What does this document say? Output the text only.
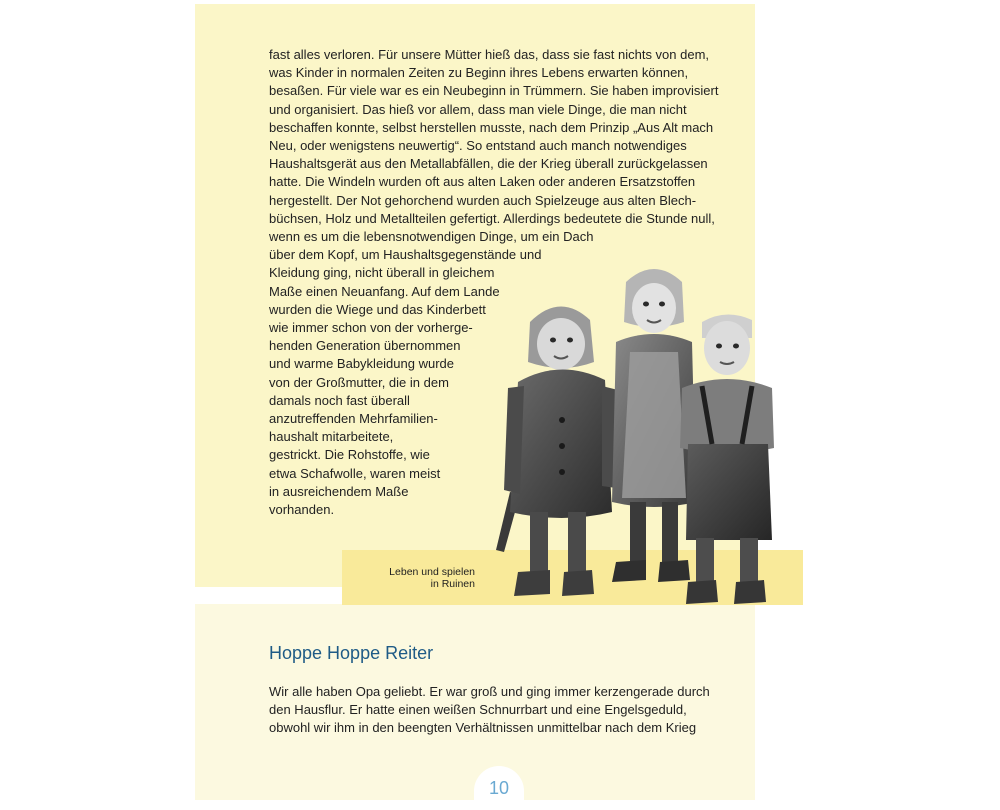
fast alles verloren. Für unsere Mütter hieß das, dass sie fast nichts von dem,
was Kinder in normalen Zeiten zu Beginn ihres Lebens erwarten können,
besaßen. Für viele war es ein Neubeginn in Trümmern. Sie haben improvisiert
und organisiert. Das hieß vor allem, dass man viele Dinge, die man nicht
beschaffen konnte, selbst herstellen musste, nach dem Prinzip „Aus Alt mach
Neu, oder wenigstens neuwertig“. So entstand auch manch notwendiges
Haushaltsgerät aus den Metallabfällen, die der Krieg überall zurückgelassen
hatte. Die Windeln wurden oft aus alten Laken oder anderen Ersatzstoffen
hergestellt. Der Not gehorchend wurden auch Spielzeuge aus alten Blech-
büchsen, Holz und Metallteilen gefertigt. Allerdings bedeutete die Stunde null,
wenn es um die lebensnotwendigen Dinge, um ein Dach
über dem Kopf, um Haushaltsgegenstände und
Kleidung ging, nicht überall in gleichem
Maße einen Neuanfang. Auf dem Lande
wurden die Wiege und das Kinderbett
wie immer schon von der vorherge-
henden Generation übernommen
und warme Babykleidung wurde
von der Großmutter, die in dem
damals noch fast überall
anzutreffenden Mehrfamilien-
haushalt mitarbeitete,
gestrickt. Die Rohstoffe, wie
etwa Schafwolle, waren meist
in ausreichendem Maße
vorhanden.
Leben und spielen
in Ruinen
Hoppe Hoppe Reiter
Wir alle haben Opa geliebt. Er war groß und ging immer kerzengerade durch
den Hausflur. Er hatte einen weißen Schnurrbart und eine Engelsgeduld,
obwohl wir ihm in den beengten Verhältnissen unmittelbar nach dem Krieg
10
